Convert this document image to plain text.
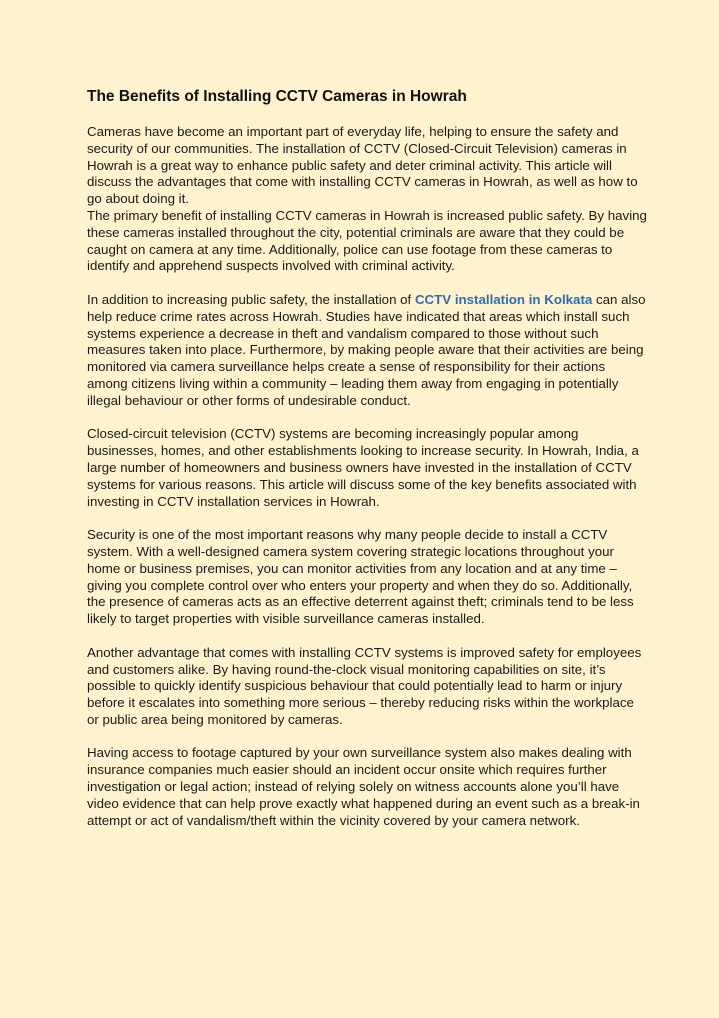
The Benefits of Installing CCTV Cameras in Howrah

Cameras have become an important part of everyday life, helping to ensure the safety and security of our communities. The installation of CCTV (Closed-Circuit Television) cameras in Howrah is a great way to enhance public safety and deter criminal activity. This article will discuss the advantages that come with installing CCTV cameras in Howrah, as well as how to go about doing it.

The primary benefit of installing CCTV cameras in Howrah is increased public safety. By having these cameras installed throughout the city, potential criminals are aware that they could be caught on camera at any time. Additionally, police can use footage from these cameras to identify and apprehend suspects involved with criminal activity.

In addition to increasing public safety, the installation of CCTV installation in Kolkata can also help reduce crime rates across Howrah. Studies have indicated that areas which install such systems experience a decrease in theft and vandalism compared to those without such measures taken into place. Furthermore, by making people aware that their activities are being monitored via camera surveillance helps create a sense of responsibility for their actions among citizens living within a community – leading them away from engaging in potentially illegal behaviour or other forms of undesirable conduct.

Closed-circuit television (CCTV) systems are becoming increasingly popular among businesses, homes, and other establishments looking to increase security. In Howrah, India, a large number of homeowners and business owners have invested in the installation of CCTV systems for various reasons. This article will discuss some of the key benefits associated with investing in CCTV installation services in Howrah.

Security is one of the most important reasons why many people decide to install a CCTV system. With a well-designed camera system covering strategic locations throughout your home or business premises, you can monitor activities from any location and at any time – giving you complete control over who enters your property and when they do so. Additionally, the presence of cameras acts as an effective deterrent against theft; criminals tend to be less likely to target properties with visible surveillance cameras installed.

Another advantage that comes with installing CCTV systems is improved safety for employees and customers alike. By having round-the-clock visual monitoring capabilities on site, it’s possible to quickly identify suspicious behaviour that could potentially lead to harm or injury before it escalates into something more serious – thereby reducing risks within the workplace or public area being monitored by cameras.

Having access to footage captured by your own surveillance system also makes dealing with insurance companies much easier should an incident occur onsite which requires further investigation or legal action; instead of relying solely on witness accounts alone you’ll have video evidence that can help prove exactly what happened during an event such as a break-in attempt or act of vandalism/theft within the vicinity covered by your camera network.
